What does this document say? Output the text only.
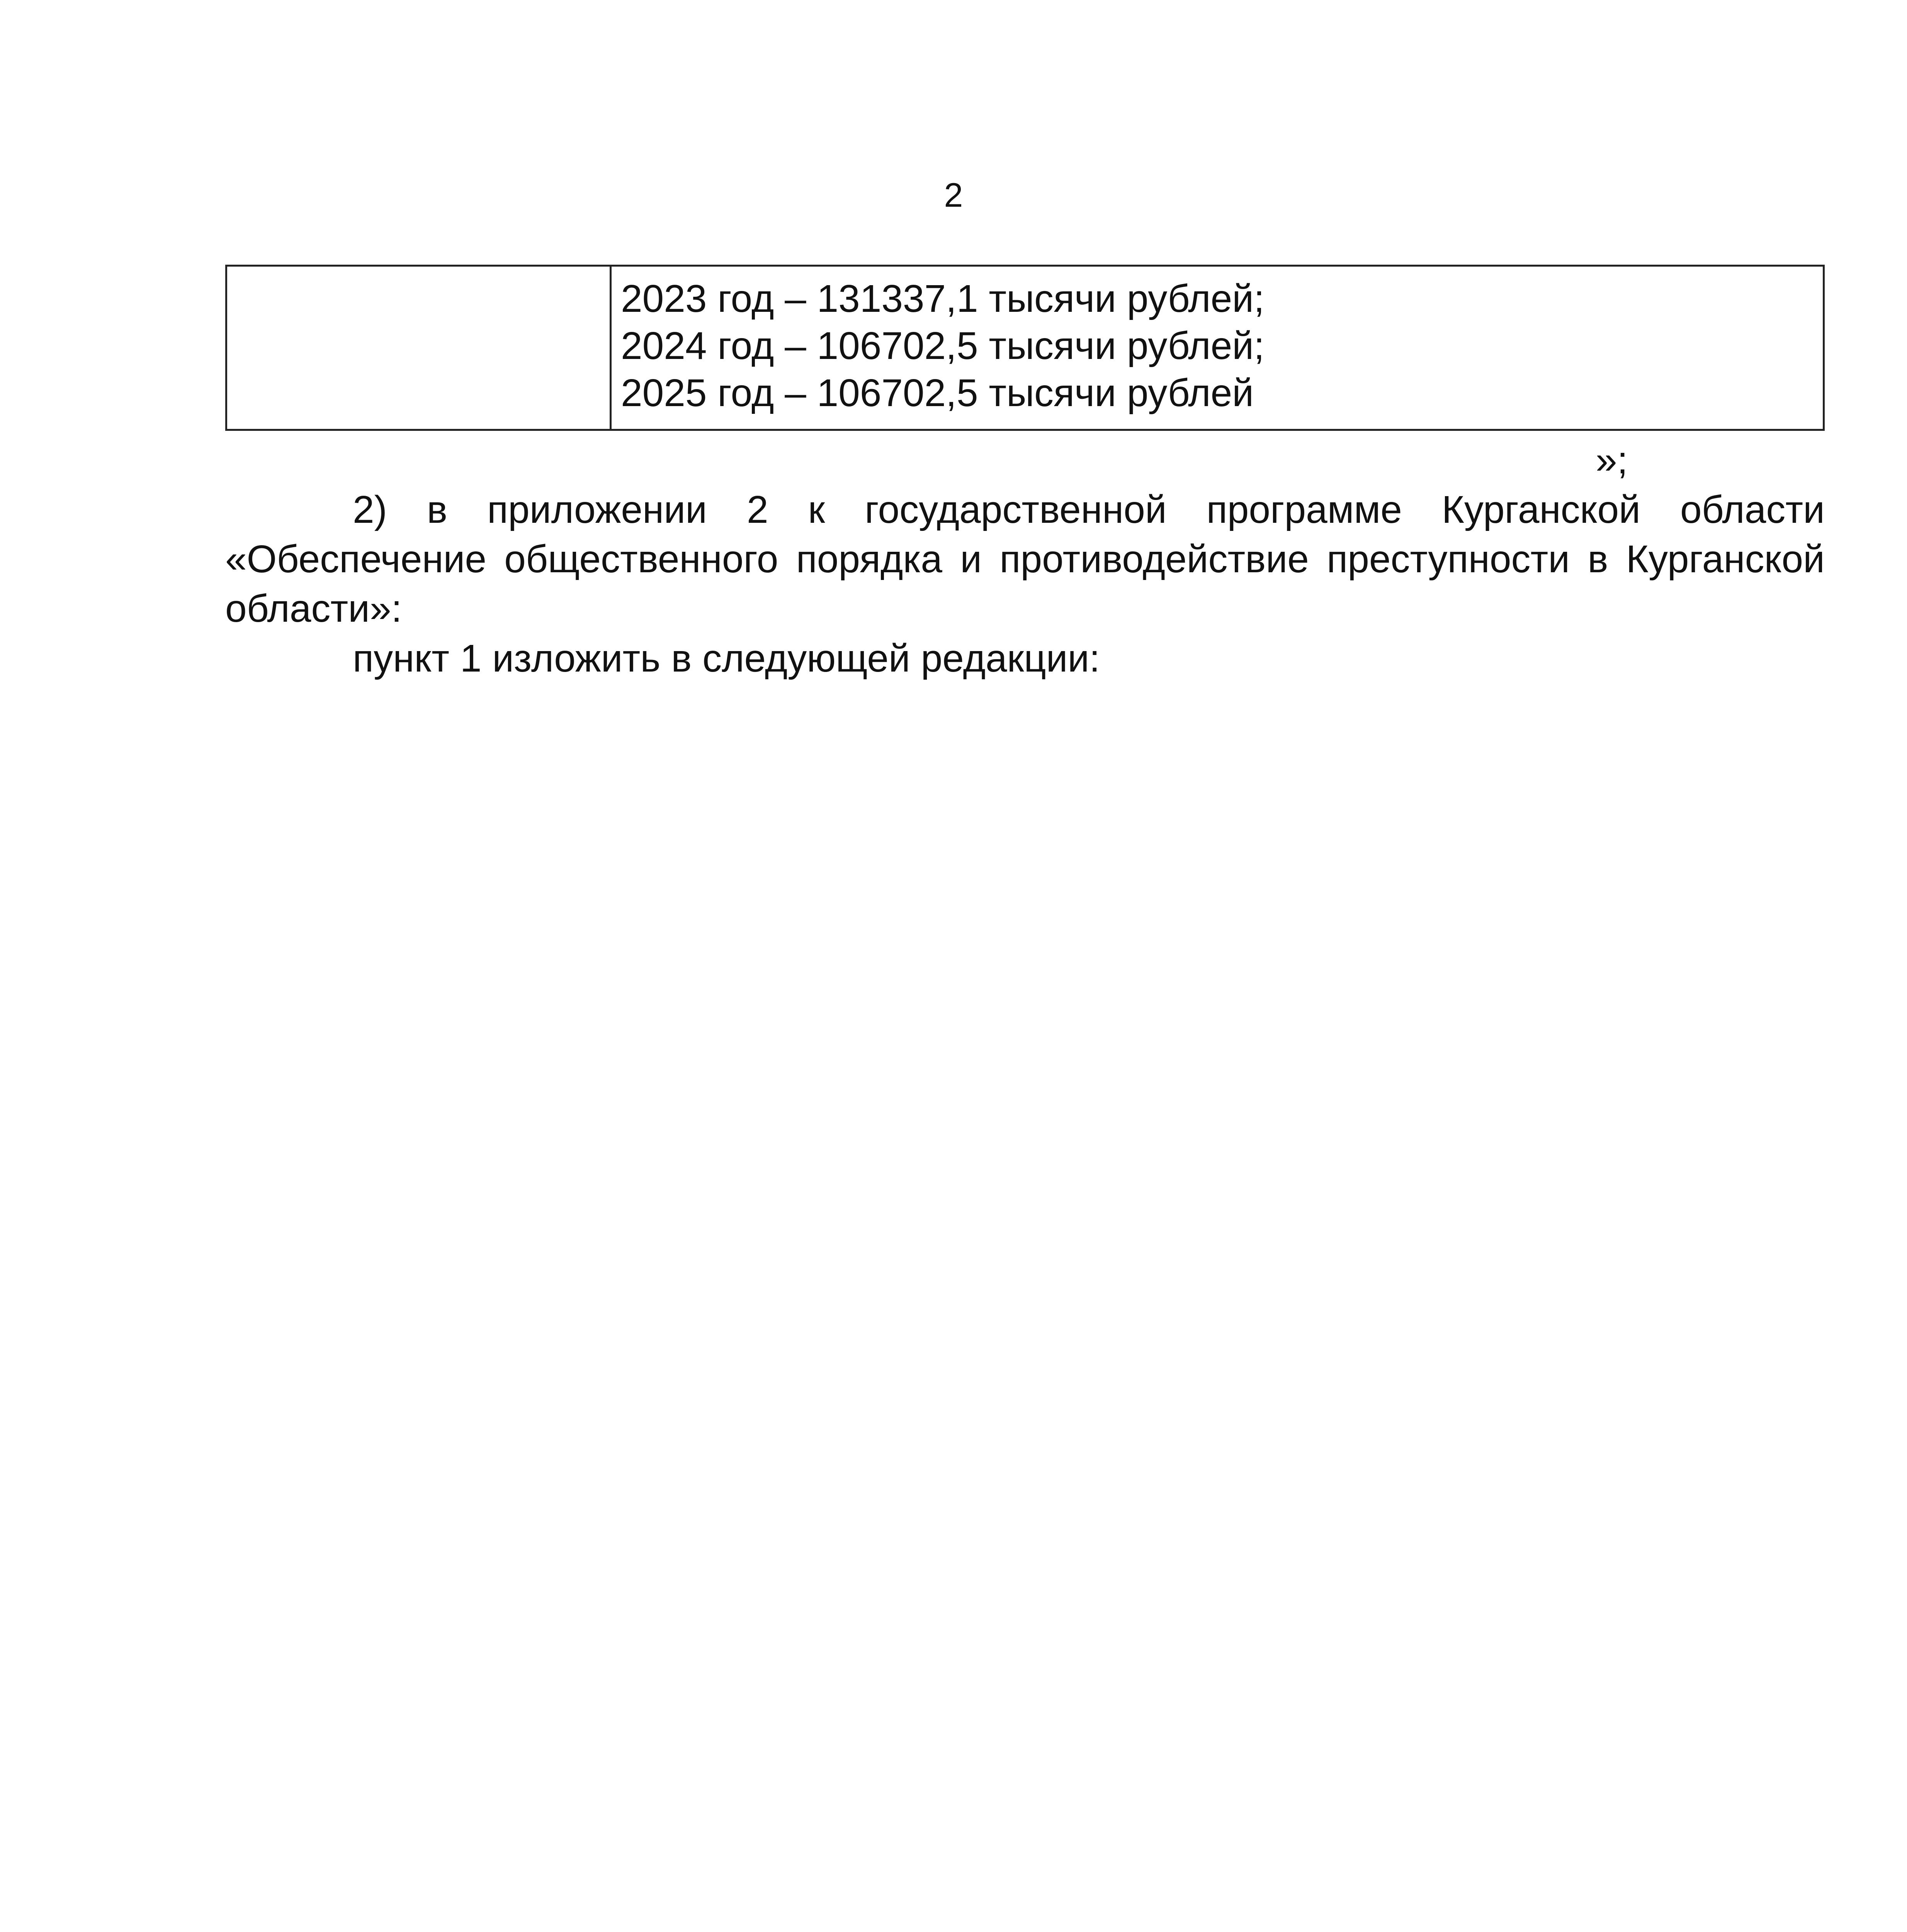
2

2023 год – 131337,1 тысячи рублей;
2024 год – 106702,5 тысячи рублей;
2025 год – 106702,5 тысячи рублей
»;
2) в приложении 2 к государственной программе Курганской области «Обеспечение общественного порядка и противодействие преступности в Курганской области»:
пункт 1 изложить в следующей редакции:
